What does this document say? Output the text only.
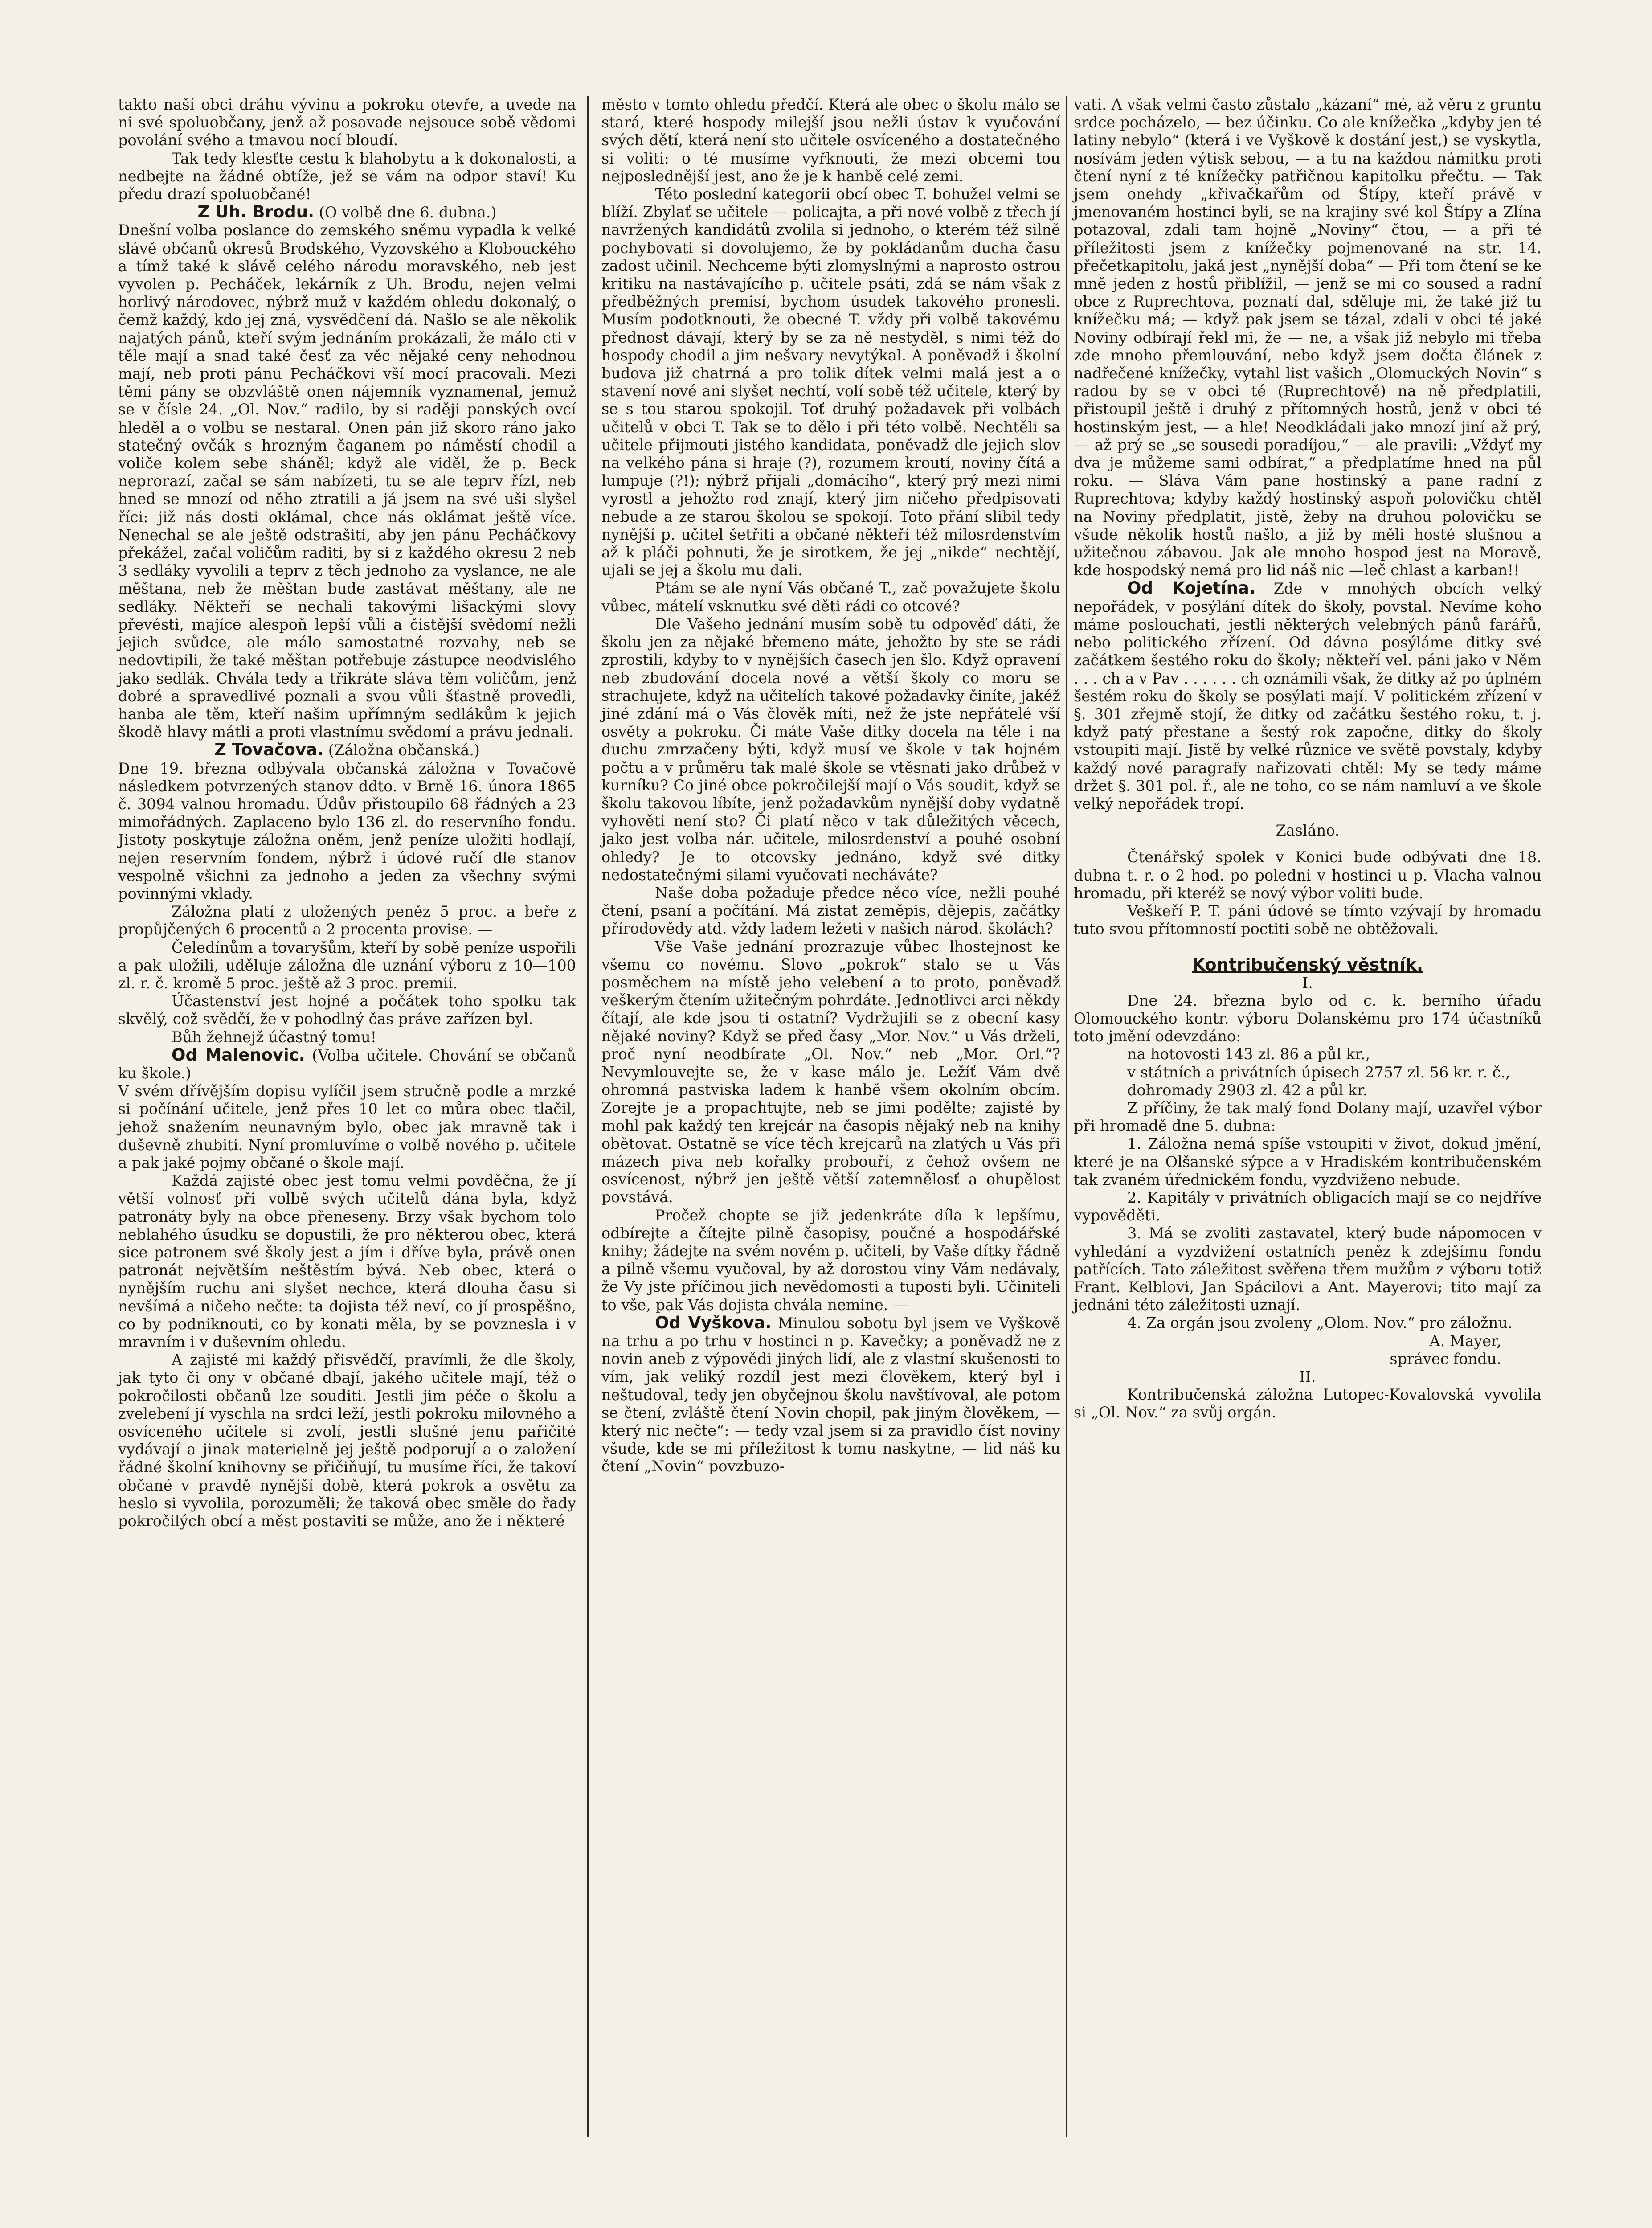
takto naší obci dráhu vývinu a pokroku otevře, a uvede na ni své spoluobčany, jenž až posavade nejsouce sobě vědomi povolání svého a tmavou nocí bloudí.

Tak tedy klesťte cestu k blahobytu a k dokonalosti, a nedbejte na žádné obtíže, jež se vám na odpor staví! Ku předu drazí spoluobčané!

Z Uh. Brodu. (O volbě dne 6. dubna.)

Dnešní volba poslance do zemského sněmu vypadla k velké slávě občanů okresů Brodského, Vyzovského a Klobouckého a tímž také k slávě celého národu moravského, neb jest vyvolen p. Pecháček, lekárník z Uh. Brodu, nejen velmi horlivý národovec, nýbrž muž v každém ohledu dokonalý, o čemž každý, kdo jej zná, vysvědčení dá. Našlo se ale několik najatých pánů, kteří svým jednáním prokázali, že málo cti v těle mají a snad také česť za věc nějaké ceny nehodnou mají, neb proti pánu Pecháčkovi vší mocí pracovali. Mezi těmi pány se obzvláště onen nájemník vyznamenal, jemuž se v čísle 24. „Ol. Nov.“ radilo, by si raději panských ovcí hleděl a o volbu se nestaral. Onen pán již skoro ráno jako statečný ovčák s hrozným čaganem po náměstí chodil a voliče kolem sebe sháněl; když ale viděl, že p. Beck neprorazí, začal se sám nabízeti, tu se ale teprv řízl, neb hned se mnozí od něho ztratili a já jsem na své uši slyšel říci: již nás dosti oklámal, chce nás oklámat ještě více. Nenechal se ale ještě odstrašiti, aby jen pánu Pecháčkovy překážel, začal voličům raditi, by si z každého okresu 2 neb 3 sedláky vyvolili a teprv z těch jednoho za vyslance, ne ale měštana, neb že měštan bude zastávat měštany, ale ne sedláky. Někteří se nechali takovými lišackými slovy převésti, majíce alespoň lepší vůli a čistější svědomí nežli jejich svůdce, ale málo samostatné rozvahy, neb se nedovtipili, že také měštan potřebuje zástupce neodvislého jako sedlák. Chvála tedy a třikráte sláva těm voličům, jenž dobré a spravedlivé poznali a svou vůli šťastně provedli, hanba ale těm, kteří našim upřímným sedlákům k jejich škodě hlavy mátli a proti vlastnímu svědomí a právu jednali.

Z Tovačova. (Záložna občanská.)

Dne 19. března odbývala občanská záložna v Tovačově následkem potvrzených stanov ddto. v Brně 16. února 1865 č. 3094 valnou hromadu. Údův přistoupilo 68 řádných a 23 mimořádných. Zaplaceno bylo 136 zl. do reservního fondu. Jistoty poskytuje záložna oněm, jenž peníze uložiti hodlají, nejen reservním fondem, nýbrž i údové ručí dle stanov vespolně všichni za jednoho a jeden za všechny svými povinnými vklady.

Záložna platí z uložených peněz 5 proc. a beře z propůjčených 6 procentů a 2 procenta provise. —

Čeledínům a tovaryšům, kteří by sobě peníze uspořili a pak uložili, uděluje záložna dle uznání výboru z 10—100 zl. r. č. kromě 5 proc. ještě až 3 proc. premii.

Účastenství jest hojné a počátek toho spolku tak skvělý, což svědčí, že v pohodlný čas práve zařízen byl.

Bůh žehnejž účastný tomu!

Od Malenovic. (Volba učitele. Chování se občanů ku škole.)

V svém dřívějším dopisu vylíčil jsem stručně podle a mrzké si počínání učitele, jenž přes 10 let co můra obec tlačil, jehož snažením neunavným bylo, obec jak mravně tak i duševně zhubiti. Nyní promluvíme o volbě nového p. učitele a pak jaké pojmy občané o škole mají.

Každá zajisté obec jest tomu velmi povděčna, že jí větší volnosť při volbě svých učitelů dána byla, když patronáty byly na obce přeneseny. Brzy však bychom tolo neblahého úsudku se dopustili, že pro některou obec, která sice patronem své školy jest a jím i dříve byla, právě onen patronát největším neštěstím bývá. Neb obec, která o nynějším ruchu ani slyšet nechce, která dlouha času si nevšímá a ničeho nečte: ta dojista též neví, co jí prospěšno, co by podniknouti, co by konati měla, by se povznesla i v mravním i v duševním ohledu.

A zajisté mi každý přisvědčí, pravímli, že dle školy, jak tyto či ony v občané dbají, jakého učitele mají, též o pokročilosti občanů lze souditi. Jestli jim péče o školu a zvelebení jí vyschla na srdci leží, jestli pokroku milovného a osvíceného učitele si zvolí, jestli slušné jenu pařičité vydávají a jinak materielně jej ještě podporují a o založení řádné školní knihovny se přičiňují, tu musíme říci, že takoví občané v pravdě nynější době, která pokrok a osvětu za heslo si vyvolila, porozuměli; že taková obec směle do řady pokročilých obcí a měst postaviti se může, ano že i některé

město v tomto ohledu předčí. Která ale obec o školu málo se stará, které hospody milejší jsou nežli ústav k vyučování svých dětí, která není sto učitele osvíceného a dostatečného si voliti: o té musíme vyřknouti, že mezi obcemi tou nejposlednější jest, ano že je k hanbě celé zemi.

Této poslední kategorii obcí obec T. bohužel velmi se blíží. Zbylať se učitele — policajta, a při nové volbě z třech jí navržených kandidátů zvolila si jednoho, o kterém též silně pochybovati si dovolujemo, že by pokládanům ducha času zadost učinil. Nechceme býti zlomyslnými a naprosto ostrou kritiku na nastávajícího p. učitele psáti, zdá se nám však z předběžných premisí, bychom úsudek takového pronesli. Musím podotknouti, že obecné T. vždy při volbě takovému přednost dávají, který by se za ně nestyděl, s nimi též do hospody chodil a jim nešvary nevytýkal. A poněvadž i školní budova již chatrná a pro tolik dítek velmi malá jest a o stavení nové ani slyšet nechtí, volí sobě též učitele, který by se s tou starou spokojil. Toť druhý požadavek při volbách učitelů v obci T. Tak se to dělo i při této volbě. Nechtěli sa učitele přijmouti jistého kandidata, poněvadž dle jejich slov na velkého pána si hraje (?), rozumem kroutí, noviny čítá a lumpuje (?!); nýbrž přijali „domácího“, který prý mezi nimi vyrostl a jehožto rod znají, který jim ničeho předpisovati nebude a ze starou školou se spokojí. Toto přání slibil tedy nynější p. učitel šetřiti a občané někteří též milosrdenstvím až k pláči pohnuti, že je sirotkem, že jej „nikde“ nechtějí, ujali se jej a školu mu dali.

Ptám se ale nyní Vás občané T., zač považujete školu vůbec, mátelí vsknutku své děti rádi co otcové?

Dle Vašeho jednání musím sobě tu odpověď dáti, že školu jen za nějaké břemeno máte, jehožto by ste se rádi zprostili, kdyby to v nynějších časech jen šlo. Když opravení neb zbudování docela nové a větší školy co moru se strachujete, když na učitelích takové požadavky činíte, jakéž jiné zdání má o Vás člověk míti, než že jste nepřátelé vší osvěty a pokroku. Či máte Vaše ditky docela na těle i na duchu zmrzačeny býti, když musí ve škole v tak hojném počtu a v průměru tak malé škole se vtěsnati jako drůbež v kurníku? Co jiné obce pokročilejší mají o Vás soudit, když se školu takovou líbíte, jenž požadavkům nynější doby vydatně vyhověti není sto? Či platí něco v tak důležitých věcech, jako jest volba nár. učitele, milosrdenství a pouhé osobní ohledy? Je to otcovsky jednáno, když své ditky nedostatečnými silami vyučovati necháváte?

Naše doba požaduje předce něco více, nežli pouhé čtení, psaní a počítání. Má zistat zeměpis, dějepis, začátky přírodovědy atd. vždy ladem ležeti v našich národ. školách?

Vše Vaše jednání prozrazuje vůbec lhostejnost ke všemu co novému. Slovo „pokrok“ stalo se u Vás posměchem na místě jeho velebení a to proto, poněvadž veškerým čtením užitečným pohrdáte. Jednotlivci arci někdy čítají, ale kde jsou ti ostatní? Vydržujili se z obecní kasy nějaké noviny? Když se před časy „Mor. Nov.“ u Vás drželi, proč nyní neodbírate „Ol. Nov.“ neb „Mor. Orl.“? Nevymlouvejte se, že v kase málo je. Ležíť Vám dvě ohromná pastviska ladem k hanbě všem okolním obcím. Zorejte je a propachtujte, neb se jimi podělte; zajisté by mohl pak každý ten krejcár na časopis nějaký neb na knihy obětovat. Ostatně se více těch krejcarů na zlatých u Vás při mázech piva neb kořalky probouří, z čehož ovšem ne osvícenost, nýbrž jen ještě větší zatemnělosť a ohupělost povstává.

Pročež chopte se již jedenkráte díla k lepšímu, odbírejte a čítejte pilně časopisy, poučné a hospodářské knihy; žádejte na svém novém p. učiteli, by Vaše dítky řádně a pilně všemu vyučoval, by až dorostou viny Vám nedávaly, že Vy jste příčinou jich nevědomosti a tuposti byli. Učiniteli to vše, pak Vás dojista chvála nemine. —

Od Vyškova. Minulou sobotu byl jsem ve Vyškově na trhu a po trhu v hostinci n p. Kavečky; a poněvadž ne z novin aneb z výpovědi jiných lidí, ale z vlastní skušenosti to vím, jak veliký rozdíl jest mezi člověkem, který byl i neštudoval, tedy jen obyčejnou školu navštívoval, ale potom se čtení, zvláště čtení Novin chopil, pak jiným člověkem, — který nic nečte“: — tedy vzal jsem si za pravidlo číst noviny všude, kde se mi příležitost k tomu naskytne, — lid náš ku čtení „Novin“ povzbuzo-

vati. A však velmi často zůstalo „kázaní“ mé, až věru z gruntu srdce pocházelo, — bez účinku. Co ale knížečka „kdyby jen té latiny nebylo“ (která i ve Vyškově k dostání jest,) se vyskytla, nosívám jeden výtisk sebou, — a tu na každou námitku proti čtení nyní z té knížečky patřičnou kapitolku přečtu. — Tak jsem onehdy „křivačkařům od Štípy, kteří právě v jmenovaném hostinci byli, se na krajiny své kol Štípy a Zlína potazoval, zdali tam hojně „Noviny“ čtou, — a při té příležitosti jsem z knížečky pojmenované na str. 14. přečetkapitolu, jaká jest „nynější doba“ — Při tom čtení se ke mně jeden z hostů přiblížil, — jenž se mi co soused a radní obce z Ruprechtova, poznatí dal, sděluje mi, že také již tu knížečku má; — když pak jsem se tázal, zdali v obci té jaké Noviny odbírají řekl mi, že — ne, a však již nebylo mi třeba zde mnoho přemlouvání, nebo když jsem dočta článek z nadřečené knížečky, vytahl list vašich „Olomuckých Novin“ s radou by se v obci té (Ruprechtově) na ně předplatili, přistoupil ještě i druhý z přítomných hostů, jenž v obci té hostinským jest, — a hle! Neodkládali jako mnozí jiní až prý, — až prý se „se sousedi poradíjou,“ — ale pravili: „Vždyť my dva je můžeme sami odbírat,“ a předplatíme hned na půl roku. — Sláva Vám pane hostinský a pane radní z Ruprechtova; kdyby každý hostinský aspoň polovičku chtěl na Noviny předplatit, jistě, žeby na druhou polovičku se všude několik hostů našlo, a již by měli hosté slušnou a užitečnou zábavou. Jak ale mnoho hospod jest na Moravě, kde hospodský nemá pro lid náš nic —leč chlast a karban!!

Od Kojetína. Zde v mnohých obcích velký nepořádek, v posýlání dítek do školy, povstal. Nevíme koho máme poslouchati, jestli některých velebných pánů farářů, nebo politického zřízení. Od dávna posýláme ditky své začátkem šestého roku do školy; někteří vel. páni jako v Něm . . . ch a v Pav . . . . . . ch oznámili však, že ditky až po úplném šestém roku do školy se posýlati mají. V politickém zřízení v §. 301 zřejmě stojí, že ditky od začátku šestého roku, t. j. když patý přestane a šestý rok započne, ditky do školy vstoupiti mají. Jistě by velké různice ve světě povstaly, kdyby každý nové paragrafy nařizovati chtěl: My se tedy máme držet §. 301 pol. ř., ale ne toho, co se nám namluví a ve škole velký nepořádek tropí.

Zasláno.

Čtenářský spolek v Konici bude odbývati dne 18. dubna t. r. o 2 hod. po poledni v hostinci u p. Vlacha valnou hromadu, při kteréž se nový výbor voliti bude.

Veškeří P. T. páni údové se tímto vzývají by hromadu tuto svou přítomností poctiti sobě ne obtěžovali.

Kontribučenský věstník.

I.

Dne 24. března bylo od c. k. berního úřadu Olomouckého kontr. výboru Dolanskému pro 174 účastníků toto jmění odevzdáno:

na hotovosti 143 zl. 86 a půl kr.,

v státních a privátních úpisech 2757 zl. 56 kr. r. č.,

dohromady 2903 zl. 42 a půl kr.

Z příčiny, že tak malý fond Dolany mají, uzavřel výbor při hromadě dne 5. dubna:

1. Záložna nemá spíše vstoupiti v život, dokud jmění, které je na Olšanské sýpce a v Hradiském kontribučenském tak zvaném úřednickém fondu, vyzdviženo nebude.

2. Kapitály v privátních obligacích mají se co nejdříve vypověděti.

3. Má se zvoliti zastavatel, který bude nápomocen v vyhledání a vyzdvižení ostatních peněz k zdejšímu fondu patřících. Tato záležitost svěřena třem mužům z výboru totiž Frant. Kelblovi, Jan Spácilovi a Ant. Mayerovi; tito mají za jednáni této záležitosti uznají.

4. Za orgán jsou zvoleny „Olom. Nov.“ pro záložnu.

A. Mayer,
správec fondu.

II.

Kontribučenská záložna Lutopec-Kovalovská vyvolila si „Ol. Nov.“ za svůj orgán.
